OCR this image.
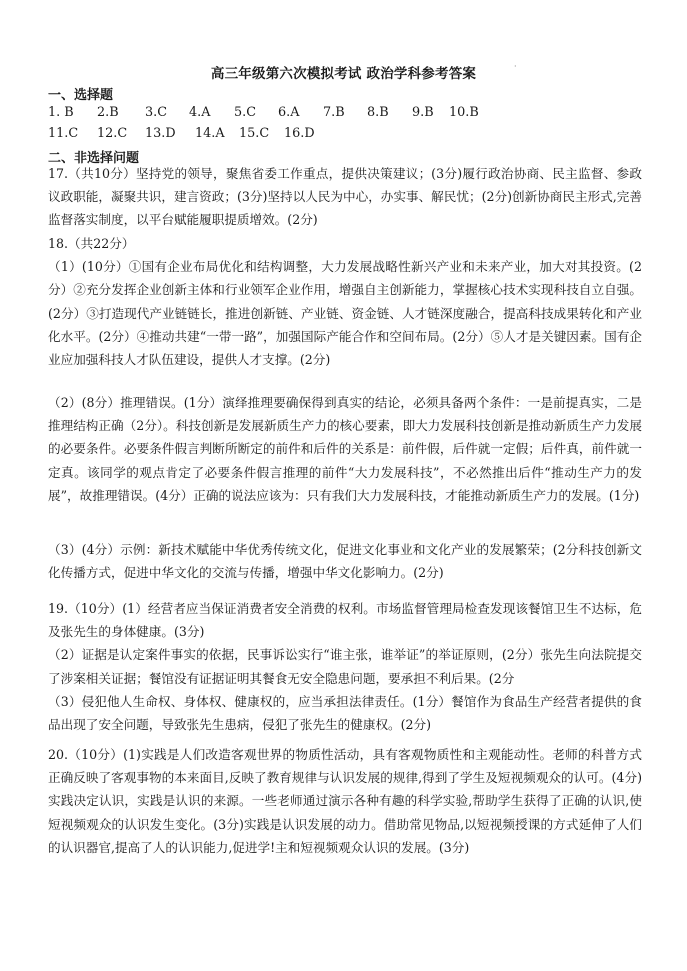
高三年级第六次模拟考试 政治学科参考答案	·
一、选择题
1. B 2.B 3.C 4.A 5.C 6.A 7.B 8.B 9.B 10.B
11.C 12.C 13.D 14.A 15.C 16.D
二、非选择问题

17.（共10分）坚持党的领导，聚焦省委工作重点，提供决策建议；(3分)履行政治协商、民主监督、参政议政职能，凝聚共识，建言资政；(3分)坚持以人民为中心，办实事、解民忧；(2分)创新协商民主形式,完善监督落实制度，以平台赋能履职提质增效。(2分)

18.（共22分）

（1）(10分）①国有企业布局优化和结构调整，大力发展战略性新兴产业和未来产业，加大对其投资。(2分）②充分发挥企业创新主体和行业领军企业作用，增强自主创新能力，掌握核心技术实现科技自立自强。(2分）③打造现代产业链链长，推进创新链、产业链、资金链、人才链深度融合，提高科技成果转化和产业化水平。(2分）④推动共建“一带一路”，加强国际产能合作和空间布局。(2分）⑤人才是关键因素。国有企业应加强科技人才队伍建设，提供人才支撑。(2分)

（2）(8分）推理错误。(1分）演绎推理要确保得到真实的结论，必须具备两个条件：一是前提真实，二是推理结构正确（2分）。科技创新是发展新质生产力的核心要素，即大力发展科技创新是推动新质生产力发展的必要条件。必要条件假言判断所断定的前件和后件的关系是：前件假，后件就一定假；后件真，前件就一定真。该同学的观点肯定了必要条件假言推理的前件“大力发展科技”，不必然推出后件“推动生产力的发展”，故推理错误。(4分）正确的说法应该为：只有我们大力发展科技，才能推动新质生产力的发展。(1分)

（3）(4分）示例：新技术赋能中华优秀传统文化，促进文化事业和文化产业的发展繁荣；(2分科技创新文化传播方式，促进中华文化的交流与传播，增强中华文化影响力。(2分)

19.（10分）(1）经营者应当保证消费者安全消费的权利。市场监督管理局检查发现该餐馆卫生不达标，危及张先生的身体健康。(3分)

（2）证据是认定案件事实的依据，民事诉讼实行“谁主张，谁举证”的举证原则，(2分）张先生向法院提交了涉案相关证据；餐馆没有证据证明其餐食无安全隐患问题，要承担不利后果。(2分

（3）侵犯他人生命权、身体权、健康权的，应当承担法律责任。(1分）餐馆作为食品生产经营者提供的食品出现了安全问题，导致张先生患病，侵犯了张先生的健康权。(2分)

20.（10分）(1)实践是人们改造客观世界的物质性活动，具有客观物质性和主观能动性。老师的科普方式正确反映了客观事物的本来面目,反映了教育规律与认识发展的规律,得到了学生及短视频观众的认可。(4分)实践决定认识，实践是认识的来源。一些老师通过演示各种有趣的科学实验,帮助学生获得了正确的认识,使短视频观众的认识发生变化。(3分)实践是认识发展的动力。借助常见物品,以短视频授课的方式延伸了人们的认识器官,提高了人的认识能力,促进学!主和短视频观众认识的发展。(3分)
